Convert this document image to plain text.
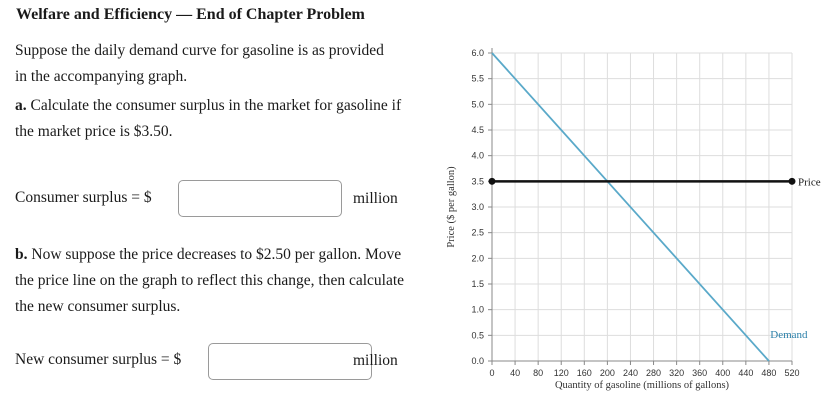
Welfare and Efficiency — End of Chapter Problem
Suppose the daily demand curve for gasoline is as provided in the accompanying graph.
a. Calculate the consumer surplus in the market for gasoline if the market price is $3.50.
Consumer surplus = $	million
b. Now suppose the price decreases to $2.50 per gallon. Move the price line on the graph to reflect this change, then calculate the new consumer surplus.
New consumer surplus = $	million	0.0
0.5
1.0
1.5
2.0
2.5
3.0
3.5
4.0
4.5
5.0
5.5
6.0
0 40 80 120 160 200 240 280 320 360 400 440 480 520
Price ($ per gallon)
Quantity of gasoline (millions of gallons)
Price
Demand
